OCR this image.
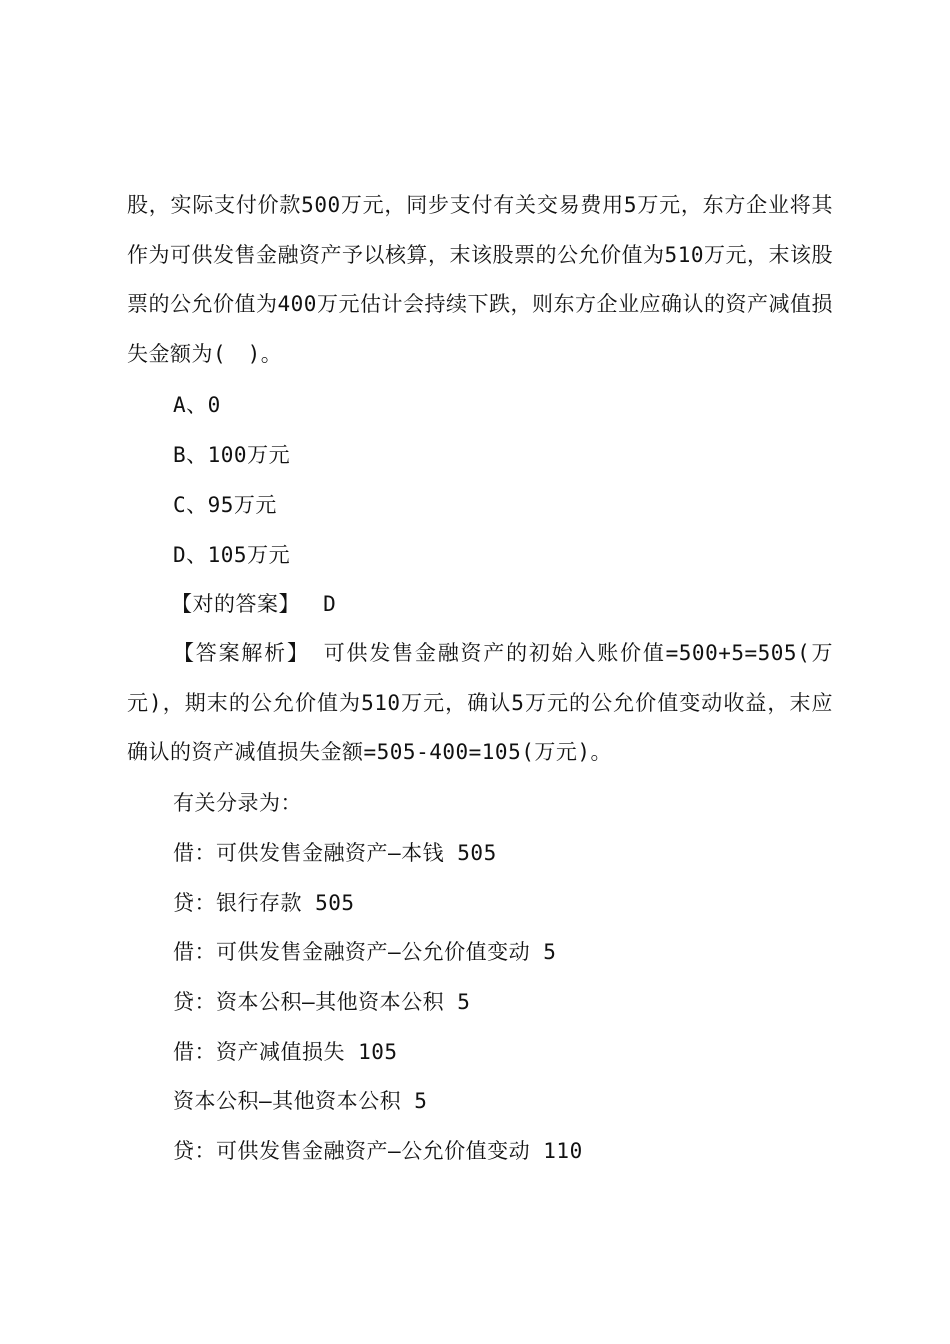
股，实际支付价款500万元，同步支付有关交易费用5万元，东方企业将其作为可供发售金融资产予以核算，末该股票的公允价值为510万元，末该股票的公允价值为400万元估计会持续下跌，则东方企业应确认的资产减值损失金额为(　)。

A、0

B、100万元

C、95万元

D、105万元

【对的答案】 D

【答案解析】 可供发售金融资产的初始入账价值=500+5=505(万元)，期末的公允价值为510万元，确认5万元的公允价值变动收益，末应确认的资产减值损失金额=505-400=105(万元)。

有关分录为：

借：可供发售金融资产—本钱 505

贷：银行存款 505

借：可供发售金融资产—公允价值变动 5

贷：资本公积—其他资本公积 5

借：资产减值损失 105

资本公积—其他资本公积 5

贷：可供发售金融资产—公允价值变动 110
